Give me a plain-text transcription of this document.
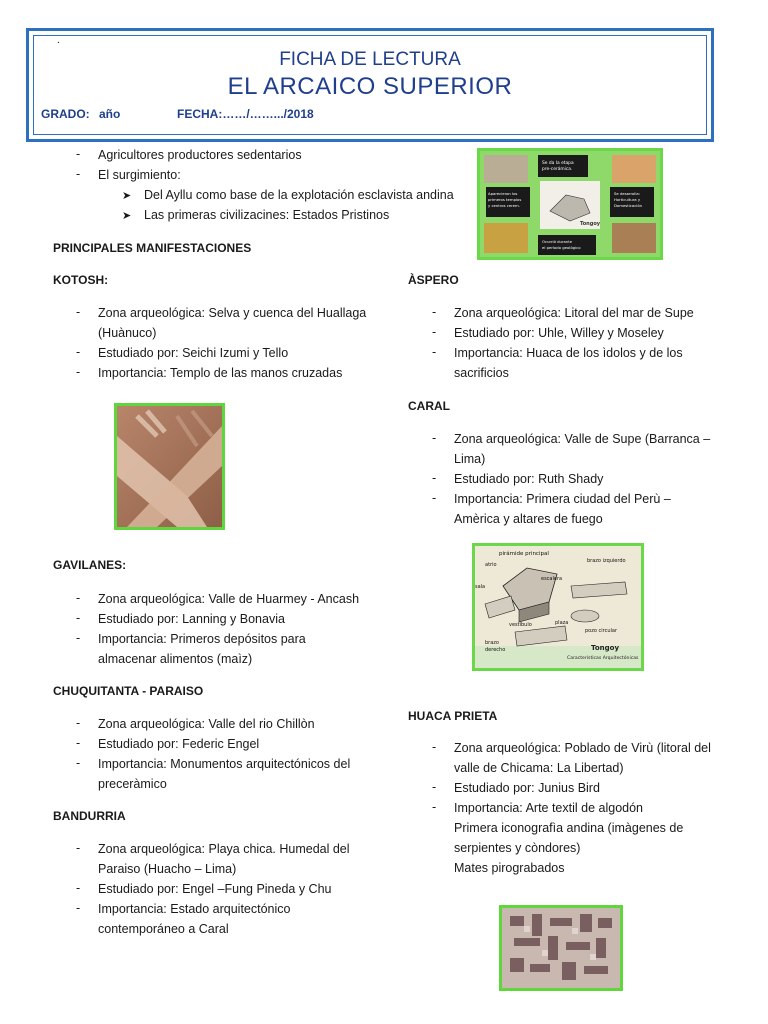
.
FICHA DE LECTURA
EL ARCAICO SUPERIOR
GRADO: año	FECHA:……/…….../2018
- Agricultores productores sedentarios
- El surgimiento:
➤ Del Ayllu como base de la explotación esclavista andina
➤ Las primeras civilizacines: Estados Pristinos
PRINCIPALES MANIFESTACIONES
Se da la etapa
pre-cerámica.
Aparecieron los
primeros templos
y centros cerem.
Se desarrolla:
Horticultura y
Domesticación
Ocurrió durante
el período geológico
Tongoy
KOTOSH:
- Zona arqueológica: Selva y cuenca del Huallaga
(Huànuco)
- Estudiado por: Seichi Izumi y Tello
- Importancia: Templo de las manos cruzadas
ÀSPERO
- Zona arqueológica: Litoral del mar de Supe
- Estudiado por: Uhle, Willey y Moseley
- Importancia: Huaca de los ìdolos y de los
sacrificios
CARAL
- Zona arqueológica: Valle de Supe (Barranca –
Lima)
- Estudiado por: Ruth Shady
- Importancia: Primera ciudad del Perù –
Amèrica y altares de fuego
pirámide principal
atrio
brazo izquierdo
sala
escalera
vestíbulo
pozo circular
plaza
brazo
derecho	Tongoy
Características Arquitectónicas
GAVILANES:
- Zona arqueológica: Valle de Huarmey - Ancash
- Estudiado por: Lanning y Bonavia
- Importancia: Primeros depósitos para
almacenar alimentos (maìz)
CHUQUITANTA - PARAISO
- Zona arqueológica: Valle del rio Chillòn
- Estudiado por: Federic Engel
- Importancia: Monumentos arquitectónicos del
preceràmico
HUACA PRIETA
- Zona arqueológica: Poblado de Virù (litoral del
valle de Chicama: La Libertad)
- Estudiado por: Junius Bird
- Importancia: Arte textil de algodón
Primera iconografìa andina (imàgenes de
serpientes y còndores)
Mates pirograbados
BANDURRIA
- Zona arqueológica: Playa chica. Humedal del
Paraiso (Huacho – Lima)
- Estudiado por: Engel –Fung Pineda y Chu
- Importancia: Estado arquitectónico
contemporáneo a Caral
